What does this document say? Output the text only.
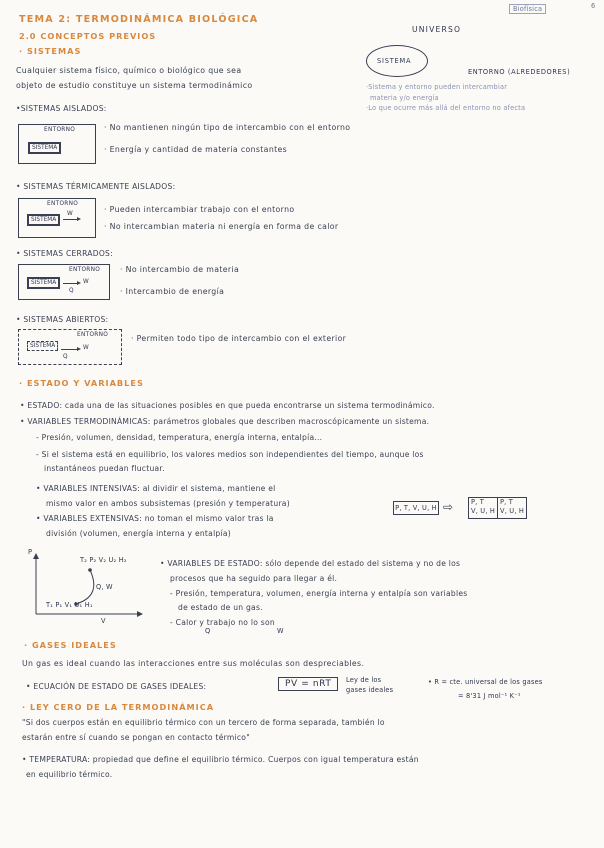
TEMA 2: TERMODINÁMICA BIOLÓGICA
2.0 CONCEPTOS PREVIOS
Biofísica	6
UNIVERSO
SISTEMA
ENTORNO (ALREDEDORES)
·Sistema y entorno pueden intercambiar
materia y/o energía
·Lo que ocurre más allá del entorno no afecta
· SISTEMAS
Cualquier sistema físico, químico o biológico que sea
objeto de estudio constituye un sistema termodinámico
•SISTEMAS AISLADOS:
ENTORNO
SISTEMA
· No mantienen ningún tipo de intercambio con el entorno
· Energía y cantidad de materia constantes
• SISTEMAS TÉRMICAMENTE AISLADOS:
ENTORNO
SISTEMA
W	· Pueden intercambiar trabajo con el entorno
· No intercambian materia ni energía en forma de calor
• SISTEMAS CERRADOS:
ENTORNO
SISTEMA	W
Q
· No intercambio de materia
· Intercambio de energía
• SISTEMAS ABIERTOS:
ENTORNO
SISTEMA	W
Q
· Permiten todo tipo de intercambio con el exterior
· ESTADO Y VARIABLES
• ESTADO: cada una de las situaciones posibles en que pueda encontrarse un sistema termodinámico.
• VARIABLES TERMODINÁMICAS: parámetros globales que describen macroscópicamente un sistema.
- Presión, volumen, densidad, temperatura, energía interna, entalpía...
- Si el sistema está en equilibrio, los valores medios son independientes del tiempo, aunque los
instantáneos puedan fluctuar.
• VARIABLES INTENSIVAS: al dividir el sistema, mantiene el
mismo valor en ambos subsistemas (presión y temperatura)
• VARIABLES EXTENSIVAS: no toman el mismo valor tras la
división (volumen, energía interna y entalpía)
P, T, V, U, H ⇨	P, T
V, U, H
P, T
V, U, H
P
V
T₂ P₂ V₂ U₂ H₂
T₁ P₁ V₁ U₁ H₁
Q, W
• VARIABLES DE ESTADO: sólo depende del estado del sistema y no de los
procesos que ha seguido para llegar a él.
- Presión, temperatura, volumen, energía interna y entalpía son variables
de estado de un gas.
- Calor y trabajo no lo son
Q	W
· GASES IDEALES
Un gas es ideal cuando las interacciones entre sus moléculas son despreciables.
• ECUACIÓN DE ESTADO DE GASES IDEALES:	PV = nRT	Ley de los gases ideales
• R = cte. universal de los gases
= 8'31 J mol⁻¹ K⁻¹
· LEY CERO DE LA TERMODINÁMICA
"Si dos cuerpos están en equilibrio térmico con un tercero de forma separada, también lo
estarán entre sí cuando se pongan en contacto térmico"
• TEMPERATURA: propiedad que define el equilibrio térmico. Cuerpos con igual temperatura están
en equilibrio térmico.
